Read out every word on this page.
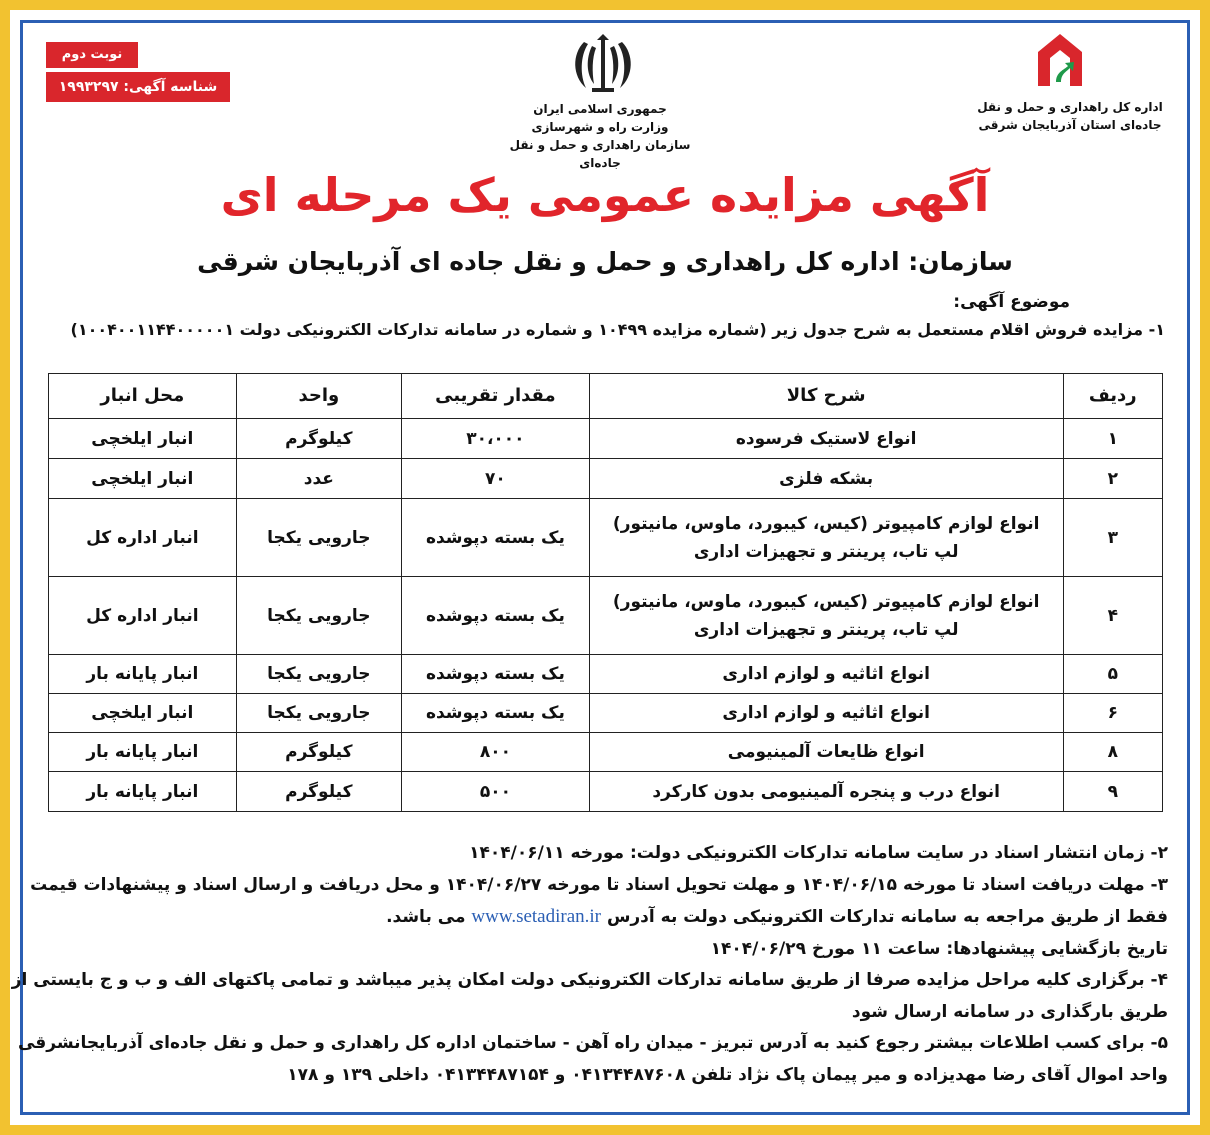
اداره کل راهداری و حمل و نقل
جاده‌ای استان آذربایجان شرقی
جمهوری اسلامی ایران
وزارت راه و شهرسازی
سازمان راهداری و حمل و نقل جاده‌ای
نوبت دوم
شناسه آگهی: ۱۹۹۳۲۹۷
آگهی مزایده عمومی یک مرحله ای
سازمان: اداره کل راهداری و حمل و نقل جاده ای آذربایجان شرقی
موضوع آگهی:
۱- مزایده فروش اقلام مستعمل به شرح جدول زیر (شماره مزایده ۱۰۴۹۹ و شماره در سامانه تدارکات الکترونیکی دولت ۱۰۰۴۰۰۱۱۴۴۰۰۰۰۰۱)
ردیف	شرح کالا	مقدار تقریبی	واحد	محل انبار
۱	انواع لاستیک فرسوده	۳۰،۰۰۰	کیلوگرم	انبار ایلخچی
۲	بشکه فلزی	۷۰	عدد	انبار ایلخچی
۳	انواع لوازم کامپیوتر (کیس، کیبورد، ماوس، مانیتور)
لپ تاب، پرینتر و تجهیزات اداری	یک بسته دپوشده	جارویی یکجا	انبار اداره کل
۴	انواع لوازم کامپیوتر (کیس، کیبورد، ماوس، مانیتور)
لپ تاب، پرینتر و تجهیزات اداری	یک بسته دپوشده	جارویی یکجا	انبار اداره کل
۵	انواع اثاثیه و لوازم اداری	یک بسته دپوشده	جارویی یکجا	انبار پایانه بار
۶	انواع اثاثیه و لوازم اداری	یک بسته دپوشده	جارویی یکجا	انبار ایلخچی
۸	انواع ظایعات آلمینیومی	۸۰۰	کیلوگرم	انبار پایانه بار
۹	انواع درب و پنجره آلمینیومی بدون کارکرد	۵۰۰	کیلوگرم	انبار پایانه بار

۲- زمان انتشار اسناد در سایت سامانه تدارکات الکترونیکی دولت: مورخه ۱۴۰۴/۰۶/۱۱

۳- مهلت دریافت اسناد تا مورخه ۱۴۰۴/۰۶/۱۵ و مهلت تحویل اسناد تا مورخه ۱۴۰۴/۰۶/۲۷ و محل دریافت و ارسال اسناد و پیشنهادات قیمت

فقط از طریق مراجعه به سامانه تدارکات الکترونیکی دولت به آدرس www.setadiran.ir می باشد.

تاریخ بازگشایی پیشنهادها: ساعت ۱۱ مورخ ۱۴۰۴/۰۶/۲۹

۴- برگزاری کلیه مراحل مزایده صرفا از طریق سامانه تدارکات الکترونیکی دولت امکان پذیر میباشد و تمامی پاکتهای الف و ب و ج بایستی از

طریق بارگذاری در سامانه ارسال شود

۵- برای کسب اطلاعات بیشتر رجوع کنید به آدرس تبریز - میدان راه آهن - ساختمان اداره کل راهداری و حمل و نقل جاده‌ای آذربایجانشرقی

واحد اموال آقای رضا مهدیزاده و میر پیمان پاک نژاد تلفن ۰۴۱۳۴۴۸۷۶۰۸ و ۰۴۱۳۴۴۸۷۱۵۴ داخلی ۱۳۹ و ۱۷۸
